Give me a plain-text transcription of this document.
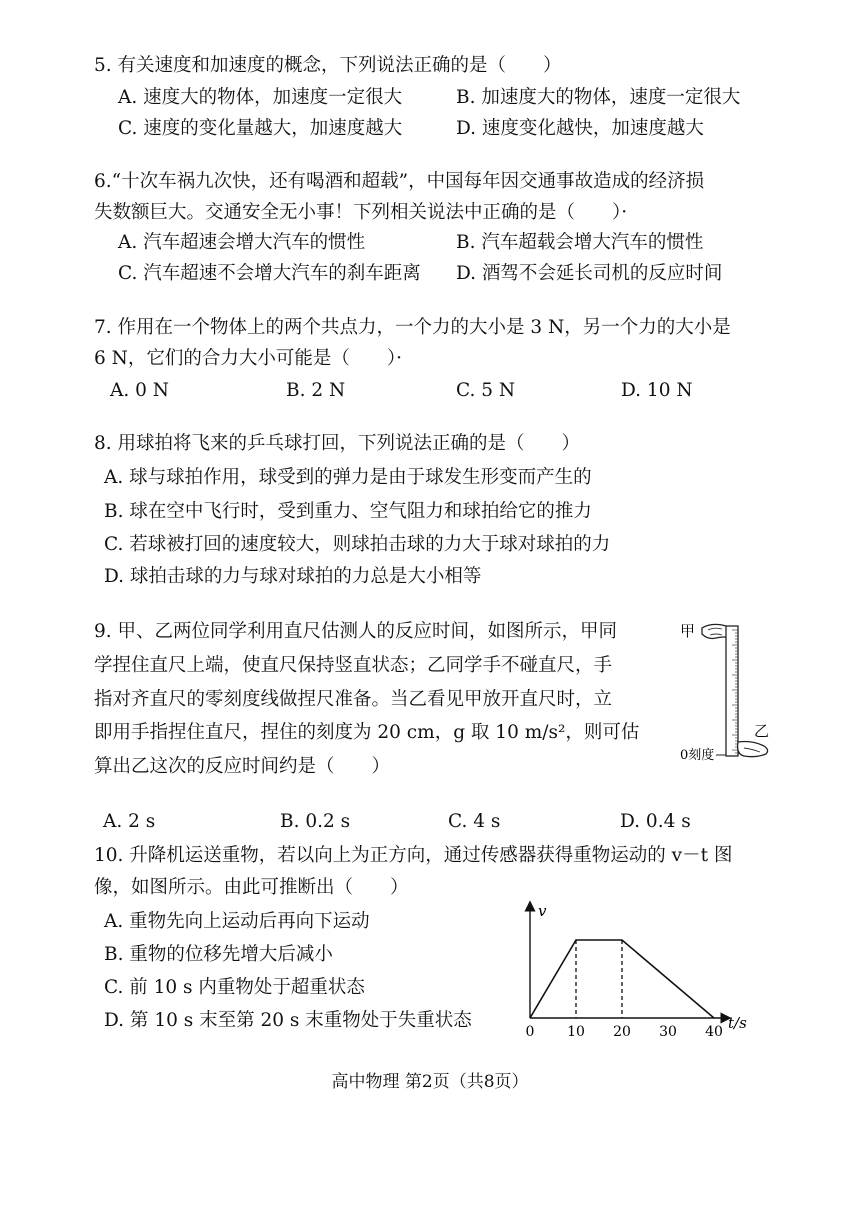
5. 有关速度和加速度的概念，下列说法正确的是（　　）
A. 速度大的物体，加速度一定很大	B. 加速度大的物体，速度一定很大
C. 速度的变化量越大，加速度越大	D. 速度变化越快，加速度越大
6.“十次车祸九次快，还有喝酒和超载”，中国每年因交通事故造成的经济损
失数额巨大。交通安全无小事！下列相关说法中正确的是（　　）·
A. 汽车超速会增大汽车的惯性	B. 汽车超载会增大汽车的惯性
C. 汽车超速不会增大汽车的刹车距离 D. 酒驾不会延长司机的反应时间
7. 作用在一个物体上的两个共点力，一个力的大小是 3 N，另一个力的大小是
6 N，它们的合力大小可能是（　　）·
A. 0 N	B. 2 N	C. 5 N	D. 10 N
8. 用球拍将飞来的乒乓球打回，下列说法正确的是（　　）
A. 球与球拍作用，球受到的弹力是由于球发生形变而产生的
B. 球在空中飞行时，受到重力、空气阻力和球拍给它的推力
C. 若球被打回的速度较大，则球拍击球的力大于球对球拍的力
D. 球拍击球的力与球对球拍的力总是大小相等
9. 甲、乙两位同学利用直尺估测人的反应时间，如图所示，甲同
学捏住直尺上端，使直尺保持竖直状态；乙同学手不碰直尺，手
指对齐直尺的零刻度线做捏尺准备。当乙看见甲放开直尺时，立
即用手指捏住直尺，捏住的刻度为 20 cm，g 取 10 m/s²，则可估
算出乙这次的反应时间约是（　　）
甲
乙
0刻度
A. 2 s	B. 0.2 s	C. 4 s	D. 0.4 s
10. 升降机运送重物，若以向上为正方向，通过传感器获得重物运动的 v－t 图
像，如图所示。由此可推断出（　　）
A. 重物先向上运动后再向下运动
B. 重物的位移先增大后减小
C. 前 10 s 内重物处于超重状态
D. 第 10 s 末至第 20 s 末重物处于失重状态
v
t/s
0 10 20 30 40
高中物理 第2页（共8页）
